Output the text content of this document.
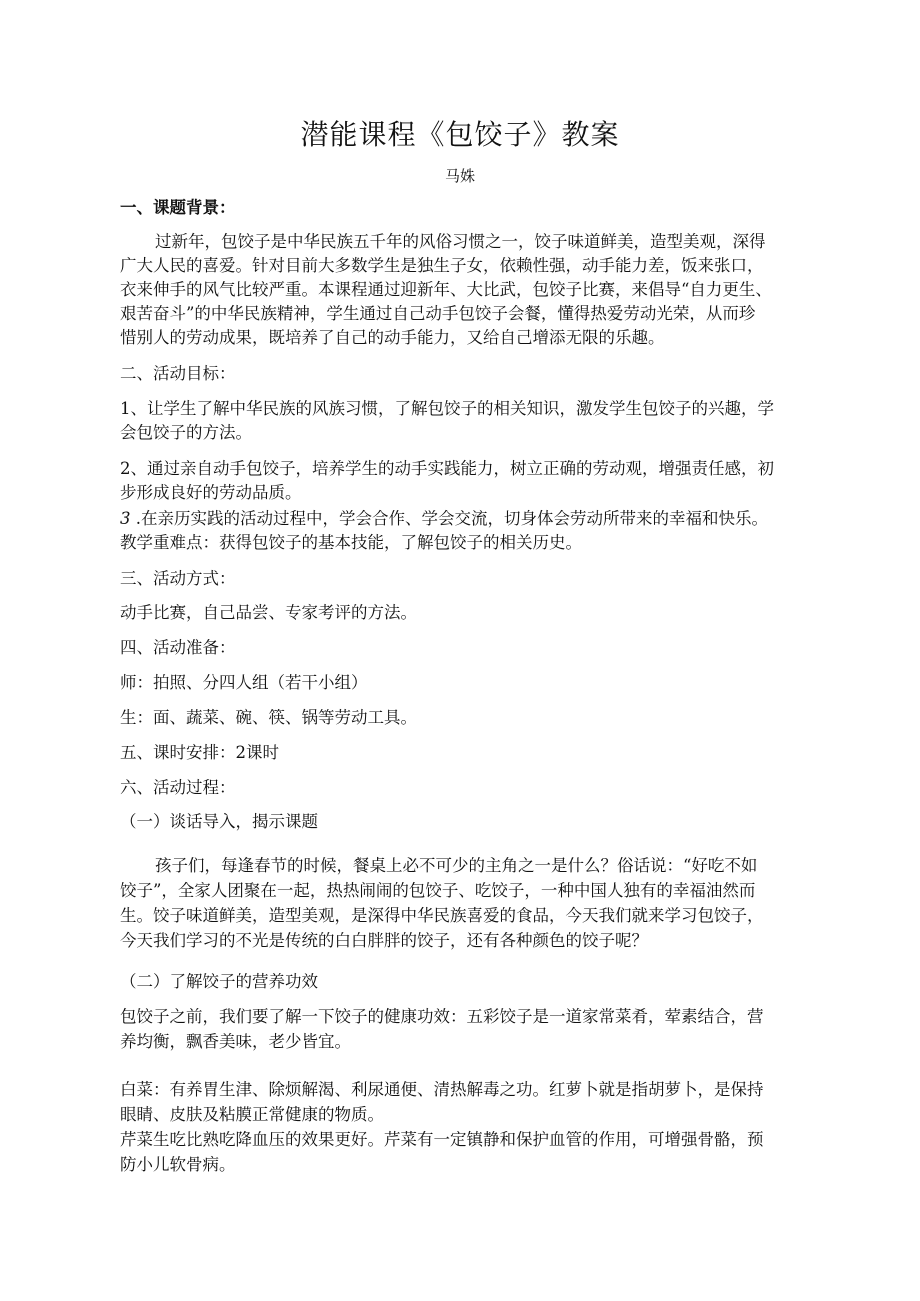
潜能课程《包饺子》教案
马姝
一、课题背景：
过新年，包饺子是中华民族五千年的风俗习惯之一，饺子味道鲜美，造型美观，深得
广大人民的喜爱。针对目前大多数学生是独生子女，依赖性强，动手能力差，饭来张口，
衣来伸手的风气比较严重。本课程通过迎新年、大比武，包饺子比赛，来倡导“自力更生、
艰苦奋斗”的中华民族精神，学生通过自己动手包饺子会餐，懂得热爱劳动光荣，从而珍
惜别人的劳动成果，既培养了自己的动手能力，又给自己增添无限的乐趣。
二、活动目标：
1、让学生了解中华民族的风族习惯，了解包饺子的相关知识，激发学生包饺子的兴趣，学
会包饺子的方法。
2、通过亲自动手包饺子，培养学生的动手实践能力，树立正确的劳动观，增强责任感，初
步形成良好的劳动品质。
3 .在亲历实践的活动过程中，学会合作、学会交流，切身体会劳动所带来的幸福和快乐。
教学重难点：获得包饺子的基本技能，了解包饺子的相关历史。
三、活动方式：
动手比赛，自己品尝、专家考评的方法。
四、活动准备：
师：拍照、分四人组（若干小组）
生：面、蔬菜、碗、筷、锅等劳动工具。
五、课时安排：2课时
六、活动过程：
（一）谈话导入，揭示课题
孩子们，每逢春节的时候，餐桌上必不可少的主角之一是什么？俗话说：“好吃不如
饺子”，全家人团聚在一起，热热闹闹的包饺子、吃饺子，一种中国人独有的幸福油然而
生。饺子味道鲜美，造型美观，是深得中华民族喜爱的食品，今天我们就来学习包饺子，
今天我们学习的不光是传统的白白胖胖的饺子，还有各种颜色的饺子呢？
（二）了解饺子的营养功效
包饺子之前，我们要了解一下饺子的健康功效：五彩饺子是一道家常菜肴，荤素结合，营
养均衡，飘香美味，老少皆宜。
白菜：有养胃生津、除烦解渴、利尿通便、清热解毒之功。红萝卜就是指胡萝卜，是保持
眼睛、皮肤及粘膜正常健康的物质。
芹菜生吃比熟吃降血压的效果更好。芹菜有一定镇静和保护血管的作用，可增强骨骼，预
防小儿软骨病。
